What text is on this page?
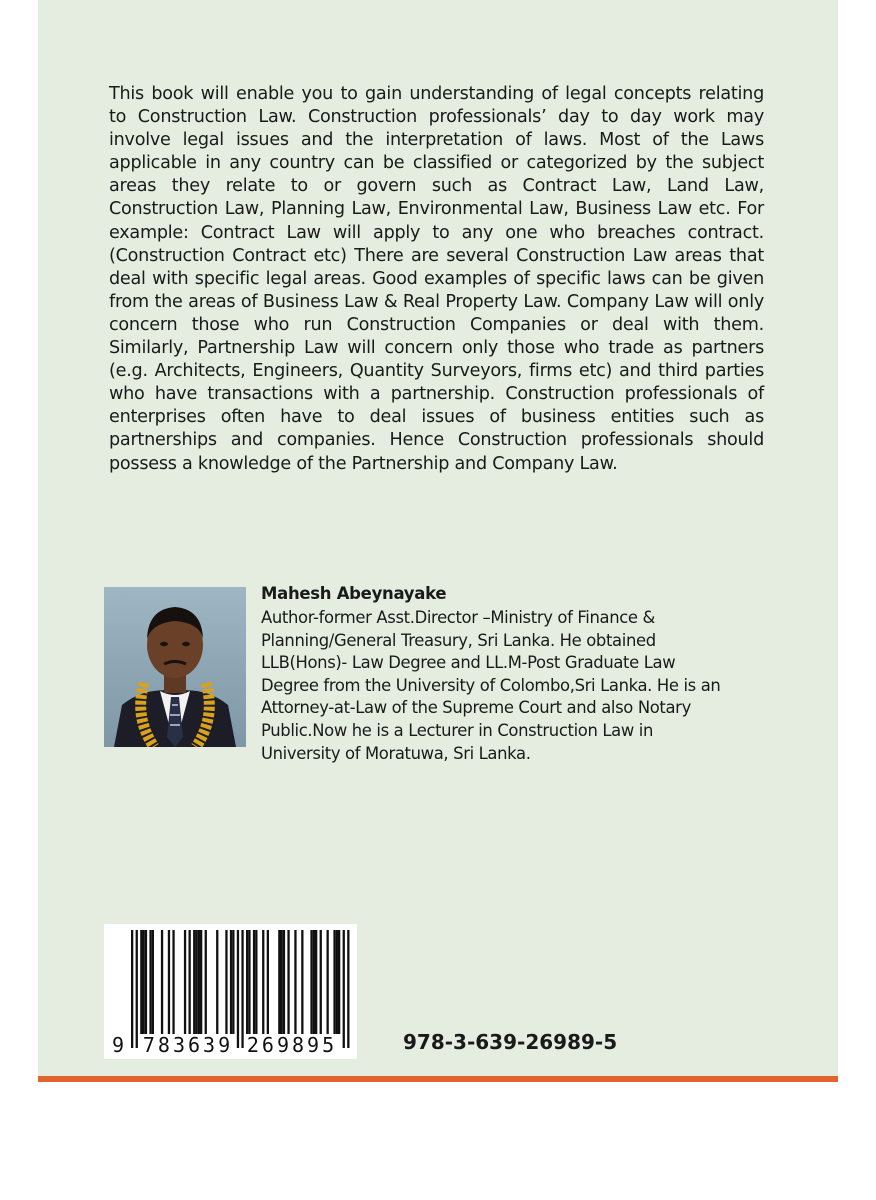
This book will enable you to gain understanding of legal concepts relating to Construction Law. Construction professionals’ day to day work may involve legal issues and the interpretation of laws. Most of the Laws applicable in any country can be classified or categorized by the subject areas they relate to or govern such as Contract Law, Land Law, Construction Law, Planning Law, Environmental Law, Business Law etc. For example: Contract Law will apply to any one who breaches contract. (Construction Contract etc) There are several Construction Law areas that deal with specific legal areas. Good examples of specific laws can be given from the areas of Business Law & Real Property Law. Company Law will only concern those who run Construction Companies or deal with them. Similarly, Partnership Law will concern only those who trade as partners (e.g. Architects, Engineers, Quantity Surveyors, firms etc) and third parties who have transactions with a partnership. Construction professionals of enterprises often have to deal issues of business entities such as partnerships and companies. Hence Construction professionals should possess a knowledge of the Partnership and Company Law.

Mahesh Abeynayake
Author-former Asst.Director –Ministry of Finance &
Planning/General Treasury, Sri Lanka. He obtained
LLB(Hons)- Law Degree and LL.M-Post Graduate Law
Degree from the University of Colombo,Sri Lanka. He is an
Attorney-at-Law of the Supreme Court and also Notary
Public.Now he is a Lecturer in Construction Law in
University of Moratuwa, Sri Lanka.
9 783639 269895	978-3-639-26989-5
